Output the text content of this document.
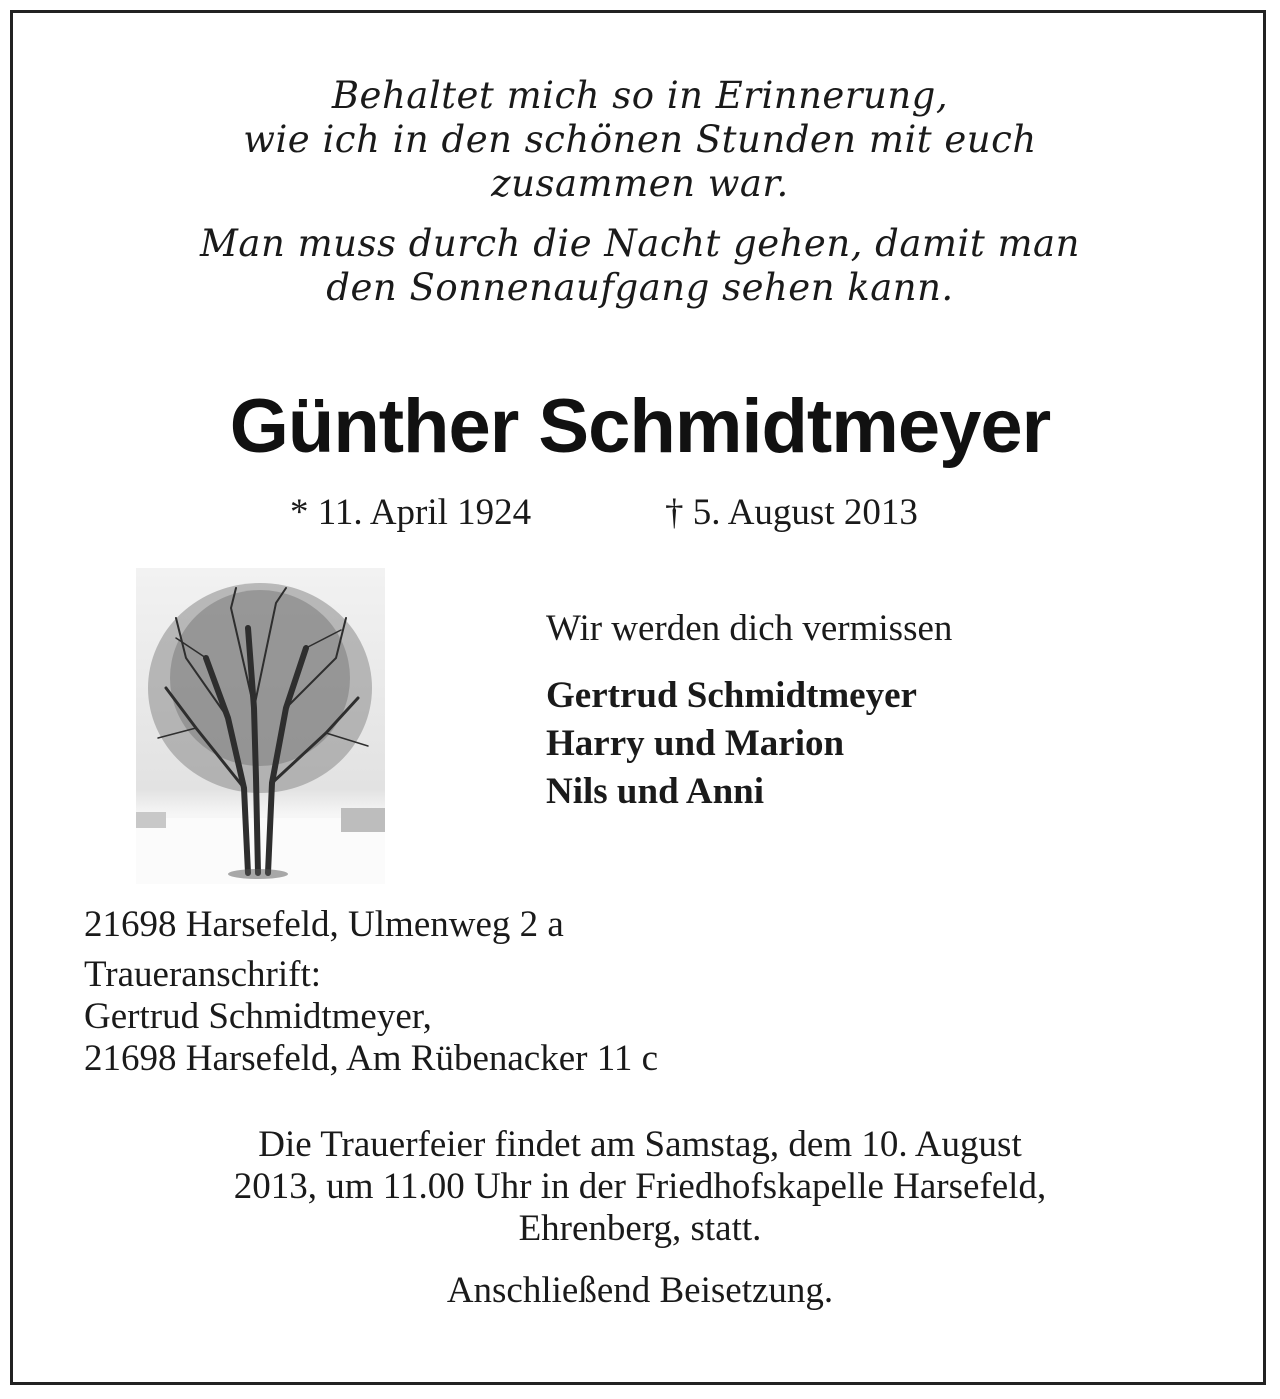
Behaltet mich so in Erinnerung,
wie ich in den schönen Stunden mit euch
zusammen war.
Man muss durch die Nacht gehen, damit man
den Sonnenaufgang sehen kann.
Günther Schmidtmeyer
* 11. April 1924	† 5. August 2013
Wir werden dich vermissen
Gertrud Schmidtmeyer
Harry und Marion
Nils und Anni
21698 Harsefeld, Ulmenweg 2 a
Traueranschrift:
Gertrud Schmidtmeyer,
21698 Harsefeld, Am Rübenacker 11 c
Die Trauerfeier findet am Samstag, dem 10. August
2013, um 11.00 Uhr in der Friedhofskapelle Harsefeld,
Ehrenberg, statt.
Anschließend Beisetzung.
